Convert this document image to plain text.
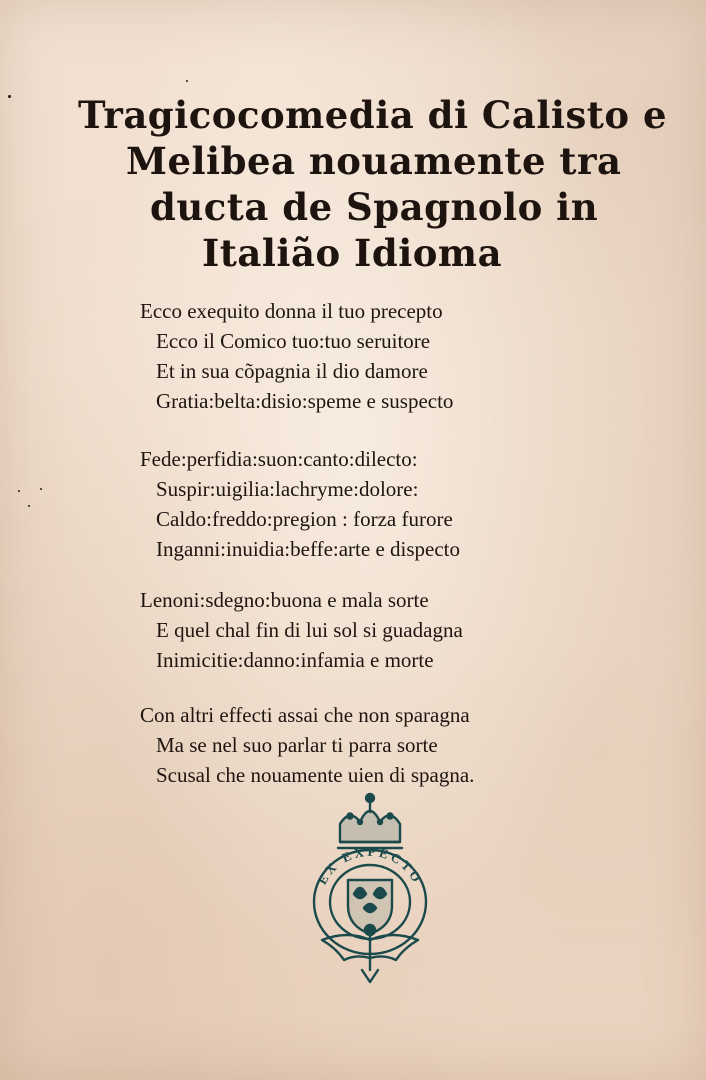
Tragicocomedia di Calisto e
Melibea nouamente tra
ducta de Spagnolo in
Italião Idioma
Ecco exequito donna il tuo precepto
Ecco il Comico tuo:tuo seruitore
Et in sua cõpagnia il dio damore
Gratia:belta:disio:speme e suspecto
Fede:perfidia:suon:canto:dilecto:
Suspir:uigilia:lachryme:dolore:
Caldo:freddo:pregion : forza furore
Inganni:inuidia:beffe:arte e dispecto
Lenoni:sdegno:buona e mala sorte
E quel chal fin di lui sol si guadagna
Inimicitie:danno:infamia e morte
Con altri effecti assai che non sparagna
Ma se nel suo parlar ti parra sorte
Scusal che nouamente uien di spagna.
EX EXPECTO
